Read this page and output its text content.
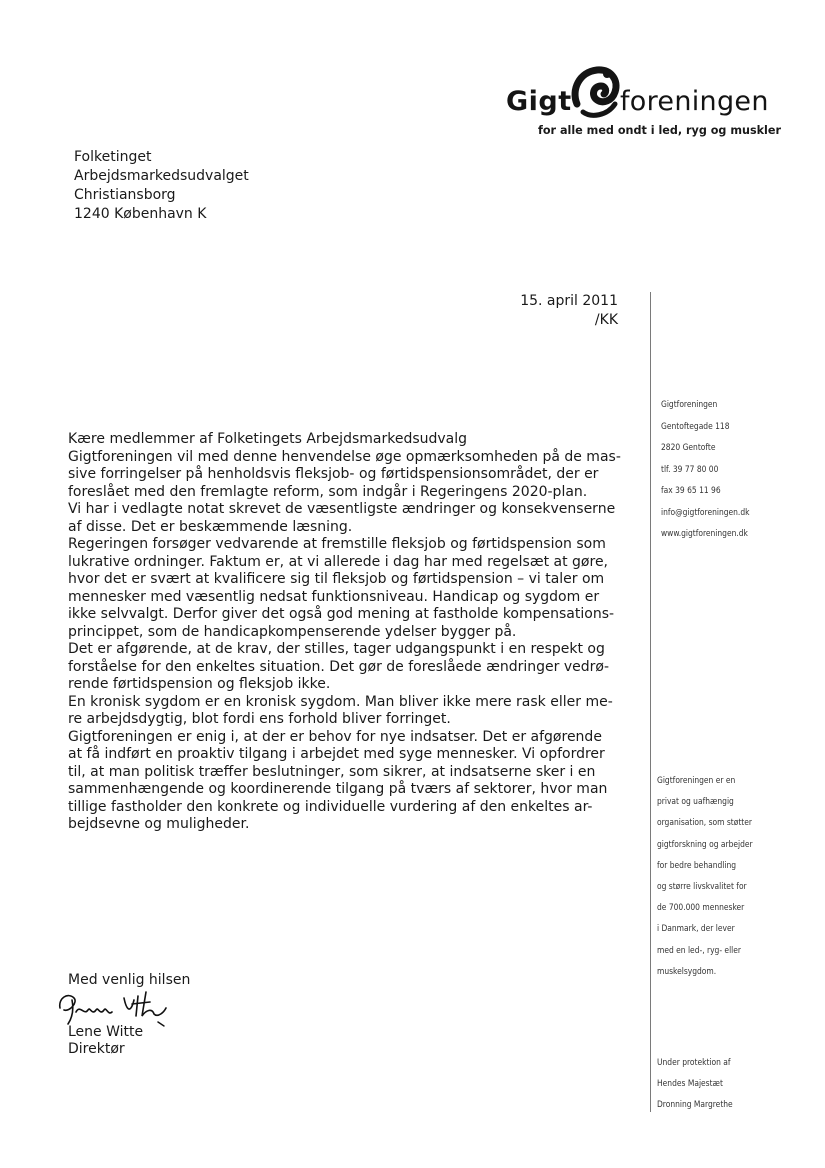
Gigt foreningen
for alle med ondt i led, ryg og muskler
Folketinget
Arbejdsmarkedsudvalget
Christiansborg
1240 København K
15. april 2011
/KK
Gigtforeningen
Gentoftegade 118
2820 Gentofte
tlf. 39 77 80 00
fax 39 65 11 96
info@gigtforeningen.dk
www.gigtforeningen.dk
Gigtforeningen er en
privat og uafhængig
organisation, som støtter
gigtforskning og arbejder
for bedre behandling
og større livskvalitet for
de 700.000 mennesker
i Danmark, der lever
med en led-, ryg- eller
muskelsygdom.
Under protektion af
Hendes Majestæt
Dronning Margrethe

Kære medlemmer af Folketingets Arbejdsmarkedsudvalg

Gigtforeningen vil med denne henvendelse øge opmærksomheden på de mas-
sive forringelser på henholdsvis fleksjob- og førtidspensionsområdet, der er
foreslået med den fremlagte reform, som indgår i Regeringens 2020-plan.

Vi har i vedlagte notat skrevet de væsentligste ændringer og konsekvenserne
af disse. Det er beskæmmende læsning.

Regeringen forsøger vedvarende at fremstille fleksjob og førtidspension som
lukrative ordninger. Faktum er, at vi allerede i dag har med regelsæt at gøre,
hvor det er svært at kvalificere sig til fleksjob og førtidspension – vi taler om
mennesker med væsentlig nedsat funktionsniveau. Handicap og sygdom er
ikke selvvalgt. Derfor giver det også god mening at fastholde kompensations-
princippet, som de handicapkompenserende ydelser bygger på.

Det er afgørende, at de krav, der stilles, tager udgangspunkt i en respekt og
forståelse for den enkeltes situation. Det gør de foreslåede ændringer vedrø-
rende førtidspension og fleksjob ikke.

En kronisk sygdom er en kronisk sygdom. Man bliver ikke mere rask eller me-
re arbejdsdygtig, blot fordi ens forhold bliver forringet.

Gigtforeningen er enig i, at der er behov for nye indsatser. Det er afgørende
at få indført en proaktiv tilgang i arbejdet med syge mennesker. Vi opfordrer
til, at man politisk træffer beslutninger, som sikrer, at indsatserne sker i en
sammenhængende og koordinerende tilgang på tværs af sektorer, hvor man
tillige fastholder den konkrete og individuelle vurdering af den enkeltes ar-
bejdsevne og muligheder.

Med venlig hilsen
Lene Witte
Direktør
